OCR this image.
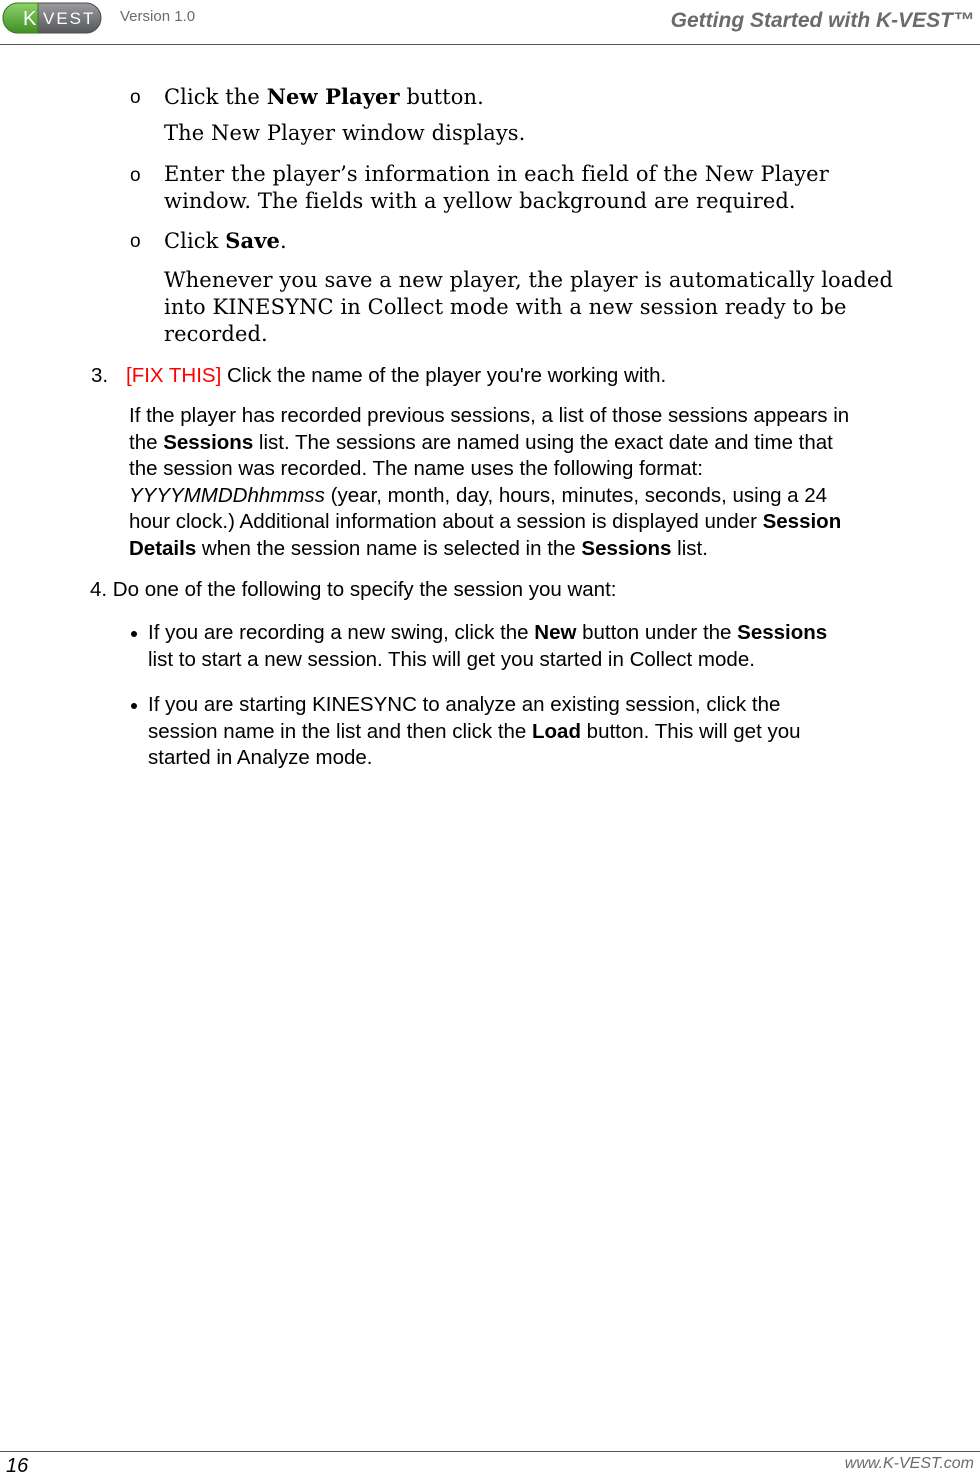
K VEST Version 1.0	Getting Started with K-VEST™
o Click the New Player button.
The New Player window displays.
o Enter the player’s information in each field of the New Player
window. The fields with a yellow background are required.
o Click Save.
Whenever you save a new player, the player is automatically loaded
into KINESYNC in Collect mode with a new session ready to be
recorded.
3. [FIX THIS] Click the name of the player you're working with.
If the player has recorded previous sessions, a list of those sessions appears in
the Sessions list. The sessions are named using the exact date and time that
the session was recorded. The name uses the following format:
YYYYMMDDhhmmss (year, month, day, hours, minutes, seconds, using a 24
hour clock.) Additional information about a session is displayed under Session
Details when the session name is selected in the Sessions list.
4. Do one of the following to specify the session you want:
If you are recording a new swing, click the New button under the Sessions
list to start a new session. This will get you started in Collect mode.
If you are starting KINESYNC to analyze an existing session, click the
session name in the list and then click the Load button. This will get you
started in Analyze mode.
16	www.K-VEST.com
